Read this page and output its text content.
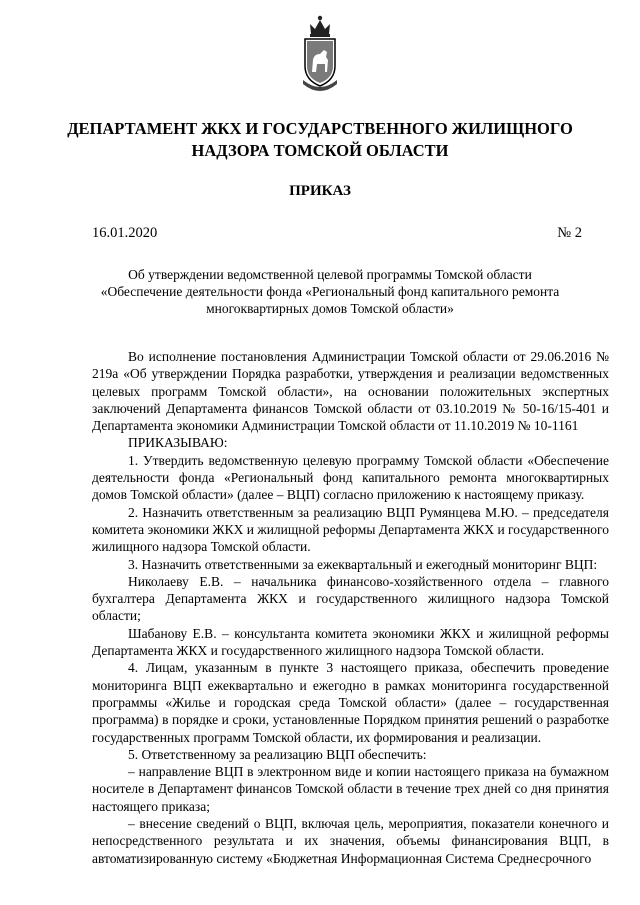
ДЕПАРТАМЕНТ ЖКХ И ГОСУДАРСТВЕННОГО ЖИЛИЩНОГО
НАДЗОРА ТОМСКОЙ ОБЛАСТИ
ПРИКАЗ
16.01.2020	№ 2
Об утверждении ведомственной целевой программы Томской области
«Обеспечение деятельности фонда «Региональный фонд капитального ремонта
многоквартирных домов Томской области»

Во исполнение постановления Администрации Томской области от 29.06.2016 № 219а «Об утверждении Порядка разработки, утверждения и реализации ведомственных целевых программ Томской области», на основании положительных экспертных заключений Департамента финансов Томской области от 03.10.2019 № 50-16/15-401 и Департамента экономики Администрации Томской области от 11.10.2019 № 10-1161

ПРИКАЗЫВАЮ:

1. Утвердить ведомственную целевую программу Томской области «Обеспечение деятельности фонда «Региональный фонд капитального ремонта многоквартирных домов Томской области» (далее – ВЦП) согласно приложению к настоящему приказу.

2. Назначить ответственным за реализацию ВЦП Румянцева М.Ю. – председателя комитета экономики ЖКХ и жилищной реформы Департамента ЖКХ и государственного жилищного надзора Томской области.

3. Назначить ответственными за ежеквартальный и ежегодный мониторинг ВЦП:

Николаеву Е.В. – начальника финансово-хозяйственного отдела – главного бухгалтера Департамента ЖКХ и государственного жилищного надзора Томской области;

Шабанову Е.В. – консультанта комитета экономики ЖКХ и жилищной реформы Департамента ЖКХ и государственного жилищного надзора Томской области.

4. Лицам, указанным в пункте 3 настоящего приказа, обеспечить проведение мониторинга ВЦП ежеквартально и ежегодно в рамках мониторинга государственной программы «Жилье и городская среда Томской области» (далее – государственная программа) в порядке и сроки, установленные Порядком принятия решений о разработке государственных программ Томской области, их формирования и реализации.

5. Ответственному за реализацию ВЦП обеспечить:

– направление ВЦП в электронном виде и копии настоящего приказа на бумажном носителе в Департамент финансов Томской области в течение трех дней со дня принятия настоящего приказа;

– внесение сведений о ВЦП, включая цель, мероприятия, показатели конечного и непосредственного результата и их значения, объемы финансирования ВЦП, в автоматизированную систему «Бюджетная Информационная Система Среднесрочного
